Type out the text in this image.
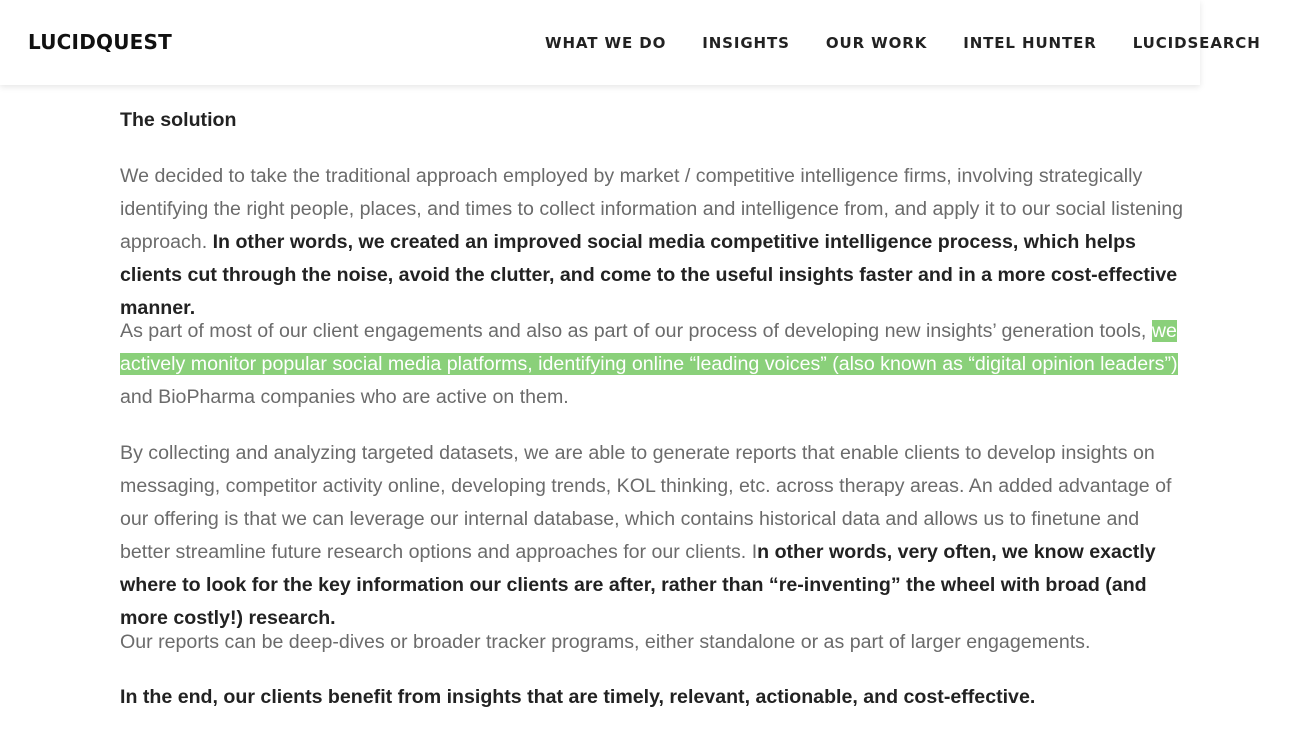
LUCIDQUEST	WHAT WE DO INSIGHTS OUR WORK INTEL HUNTER LUCIDSEARCH

The solution

We decided to take the traditional approach employed by market / competitive intelligence firms, involving strategically identifying the right people, places, and times to collect information and intelligence from, and apply it to our social listening approach. In other words, we created an improved social media competitive intelligence process, which helps clients cut through the noise, avoid the clutter, and come to the useful insights faster and in a more cost-effective manner.

As part of most of our client engagements and also as part of our process of developing new insights’ generation tools, we actively monitor popular social media platforms, identifying online “leading voices” (also known as “digital opinion leaders”) and BioPharma companies who are active on them.

By collecting and analyzing targeted datasets, we are able to generate reports that enable clients to develop insights on messaging, competitor activity online, developing trends, KOL thinking, etc. across therapy areas. An added advantage of our offering is that we can leverage our internal database, which contains historical data and allows us to finetune and better streamline future research options and approaches for our clients. In other words, very often, we know exactly where to look for the key information our clients are after, rather than “re-inventing” the wheel with broad (and more costly!) research.

Our reports can be deep-dives or broader tracker programs, either standalone or as part of larger engagements.

In the end, our clients benefit from insights that are timely, relevant, actionable, and cost-effective.
